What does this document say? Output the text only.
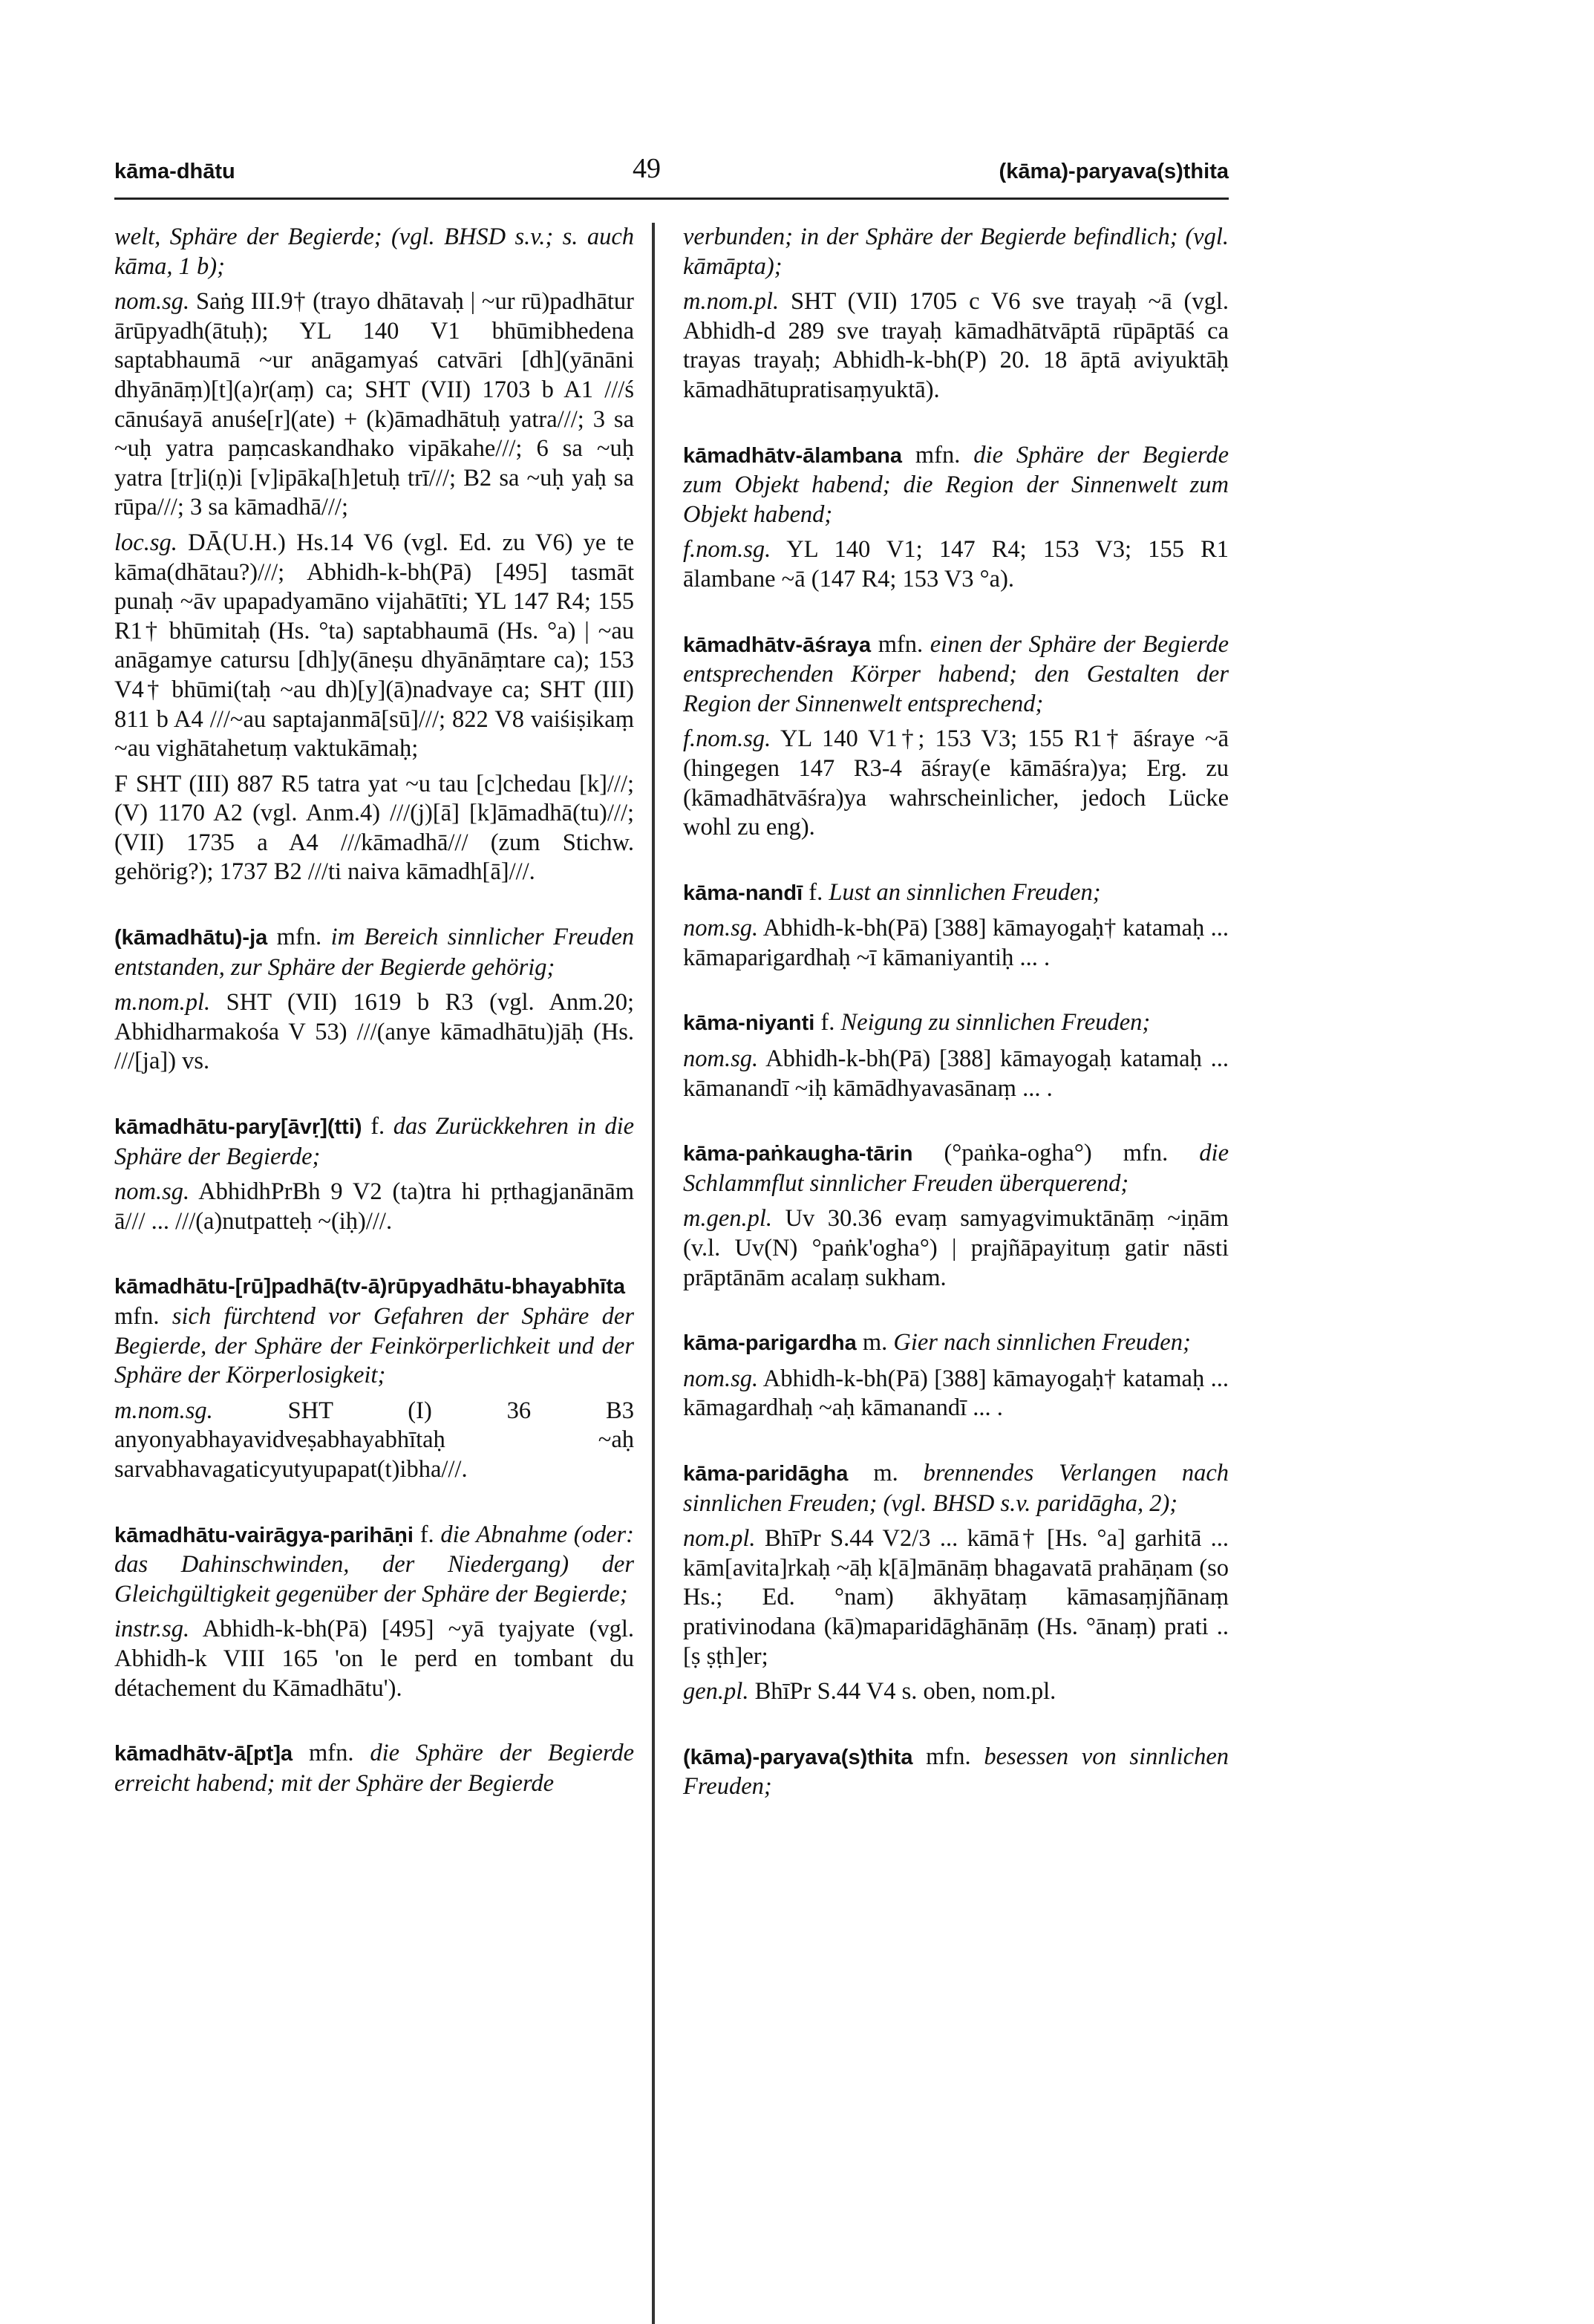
kāma-dhātu	49	(kāma)-paryava(s)thita

welt, Sphäre der Begierde; (vgl. BHSD s.v.; s. auch kāma, 1 b);

nom.sg. Saṅg III.9† (trayo dhātavaḥ | ~ur rū)padhātur ārūpyadh(ātuḥ); YL 140 V1 bhūmibhedena saptabhaumā ~ur anāgamyaś catvāri [dh](yānāni dhyānāṃ)[t](a)r(aṃ) ca; SHT (VII) 1703 b A1 ///ś cānuśayā anuśe[r](ate) + (k)āmadhātuḥ yatra///; 3 sa ~uḥ yatra paṃcaskandhako vipākahe///; 6 sa ~uḥ yatra [tr]i(ṇ)i [v]ipāka[h]etuḥ trī///; B2 sa ~uḥ yaḥ sa rūpa///; 3 sa kāmadhā///;

loc.sg. DĀ(U.H.) Hs.14 V6 (vgl. Ed. zu V6) ye te kāma(dhātau?)///; Abhidh-k-bh(Pā) [495] tasmāt punaḥ ~āv upapadyamāno vijahātīti; YL 147 R4; 155 R1† bhūmitaḥ (Hs. °ta) saptabhaumā (Hs. °a) | ~au anāgamye catursu [dh]y(āneṣu dhyānāṃtare ca); 153 V4† bhūmi(taḥ ~au dh)[y](ā)nadvaye ca; SHT (III) 811 b A4 ///~au saptajanmā[sū]///; 822 V8 vaiśiṣikaṃ ~au vighātahetuṃ vaktukāmaḥ;

F SHT (III) 887 R5 tatra yat ~u tau [c]chedau [k]///; (V) 1170 A2 (vgl. Anm.4) ///(j)[ā] [k]āmadhā(tu)///; (VII) 1735 a A4 ///kāmadhā/// (zum Stichw. gehörig?); 1737 B2 ///ti naiva kāmadh[ā]///.

(kāmadhātu)-ja mfn. im Bereich sinnlicher Freuden entstanden, zur Sphäre der Begierde gehörig;

m.nom.pl. SHT (VII) 1619 b R3 (vgl. Anm.20; Abhidharmakośa V 53) ///(anye kāmadhātu)jāḥ (Hs. ///[ja]) vs.

kāmadhātu-pary[āvṛ](tti) f. das Zurückkehren in die Sphäre der Begierde;

nom.sg. AbhidhPrBh 9 V2 (ta)tra hi pṛthagjanānām ā/// ... ///(a)nutpatteḥ ~(iḥ)///.

kāmadhātu-[rū]padhā(tv-ā)rūpyadhātu-bhayabhīta mfn. sich fürchtend vor Gefahren der Sphäre der Begierde, der Sphäre der Feinkörperlichkeit und der Sphäre der Körperlosigkeit;

m.nom.sg.	SHT (I) 36 B3 anyonyabhayavidveṣabhayabhītaḥ ~aḥ sarvabhavagaticyutyupapat(t)ibha///.

kāmadhātu-vairāgya-parihāṇi f. die Abnahme (oder: das Dahinschwinden, der Niedergang) der Gleichgültigkeit gegenüber der Sphäre der Begierde;

instr.sg. Abhidh-k-bh(Pā) [495] ~yā tyajyate (vgl. Abhidh-k VIII 165 'on le perd en tombant du détachement du Kāmadhātu').

kāmadhātv-ā[pt]a mfn. die Sphäre der Begierde erreicht habend; mit der Sphäre der Begierde

verbunden; in der Sphäre der Begierde befindlich; (vgl. kāmāpta);

m.nom.pl. SHT (VII) 1705 c V6 sve trayaḥ ~ā (vgl. Abhidh-d 289 sve trayaḥ kāmadhātvāptā rūpāptāś ca trayas trayaḥ; Abhidh-k-bh(P) 20. 18 āptā aviyuktāḥ kāmadhātupratisaṃyuktā).

kāmadhātv-ālambana mfn. die Sphäre der Begierde zum Objekt habend; die Region der Sinnenwelt zum Objekt habend;

f.nom.sg. YL 140 V1; 147 R4; 153 V3; 155 R1 ālambane ~ā (147 R4; 153 V3 °a).

kāmadhātv-āśraya mfn. einen der Sphäre der Begierde entsprechenden Körper habend; den Gestalten der Region der Sinnenwelt entsprechend;

f.nom.sg. YL 140 V1†; 153 V3; 155 R1† āśraye ~ā (hingegen 147 R3-4 āśray(e kāmāśra)ya; Erg. zu (kāmadhātvāśra)ya wahrscheinlicher, jedoch Lücke wohl zu eng).

kāma-nandī f. Lust an sinnlichen Freuden;

nom.sg. Abhidh-k-bh(Pā) [388] kāmayogaḥ† katamaḥ ... kāmaparigardhaḥ ~ī kāmaniyantiḥ ... .

kāma-niyanti f. Neigung zu sinnlichen Freuden;

nom.sg. Abhidh-k-bh(Pā) [388] kāmayogaḥ katamaḥ ... kāmanandī ~iḥ kāmādhyavasānaṃ ... .

kāma-paṅkaugha-tārin (°paṅka-ogha°) mfn. die Schlammflut sinnlicher Freuden überquerend;

m.gen.pl. Uv 30.36 evaṃ samyagvimuktānāṃ ~iṇām (v.l. Uv(N) °paṅk'ogha°) | prajñāpayituṃ gatir nāsti prāptānām acalaṃ sukham.

kāma-parigardha m. Gier nach sinnlichen Freuden;

nom.sg. Abhidh-k-bh(Pā) [388] kāmayogaḥ† katamaḥ ... kāmagardhaḥ ~aḥ kāmanandī ... .

kāma-paridāgha m. brennendes Verlangen nach sinnlichen Freuden; (vgl. BHSD s.v. paridāgha, 2);

nom.pl. BhīPr S.44 V2/3 ... kāmā† [Hs. °a] garhitā ... kām[avita]rkaḥ ~āḥ k[ā]mānāṃ bhagavatā prahāṇam (so Hs.; Ed. °nam) ākhyātaṃ kāmasaṃjñānaṃ prativinodana (kā)maparidāghānāṃ (Hs. °ānaṃ) prati .. [ṣ ṣṭh]er;

gen.pl. BhīPr S.44 V4 s. oben, nom.pl.

(kāma)-paryava(s)thita mfn. besessen von sinnlichen Freuden;
